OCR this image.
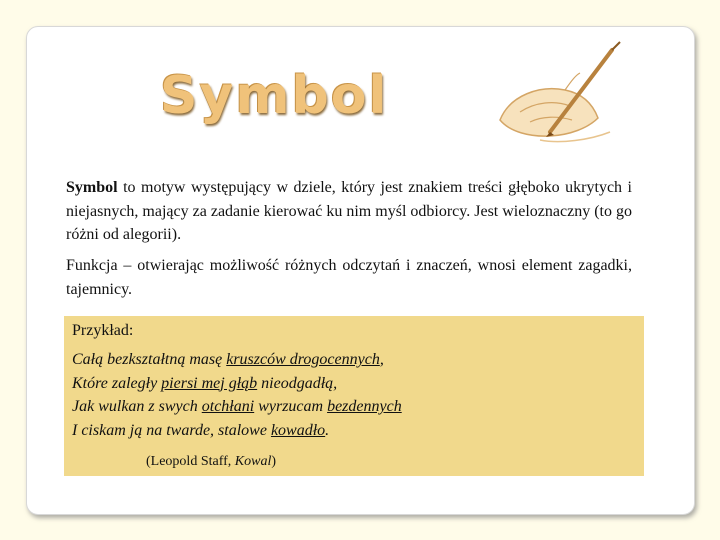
Symbol

Symbol to motyw występujący w dziele, który jest znakiem treści głęboko ukrytych i niejasnych, mający za zadanie kierować ku nim myśl odbiorcy. Jest wieloznaczny (to go różni od alegorii).

Funkcja – otwierając możliwość różnych odczytań i znaczeń, wnosi element zagadki, tajemnicy.

Przykład:
Całą bezkształtną masę kruszców drogocennych,
Które zaległy piersi mej głąb nieodgadłą,
Jak wulkan z swych otchłani wyrzucam bezdennych
I ciskam ją na twarde, stalowe kowadło.
(Leopold Staff, Kowal)
